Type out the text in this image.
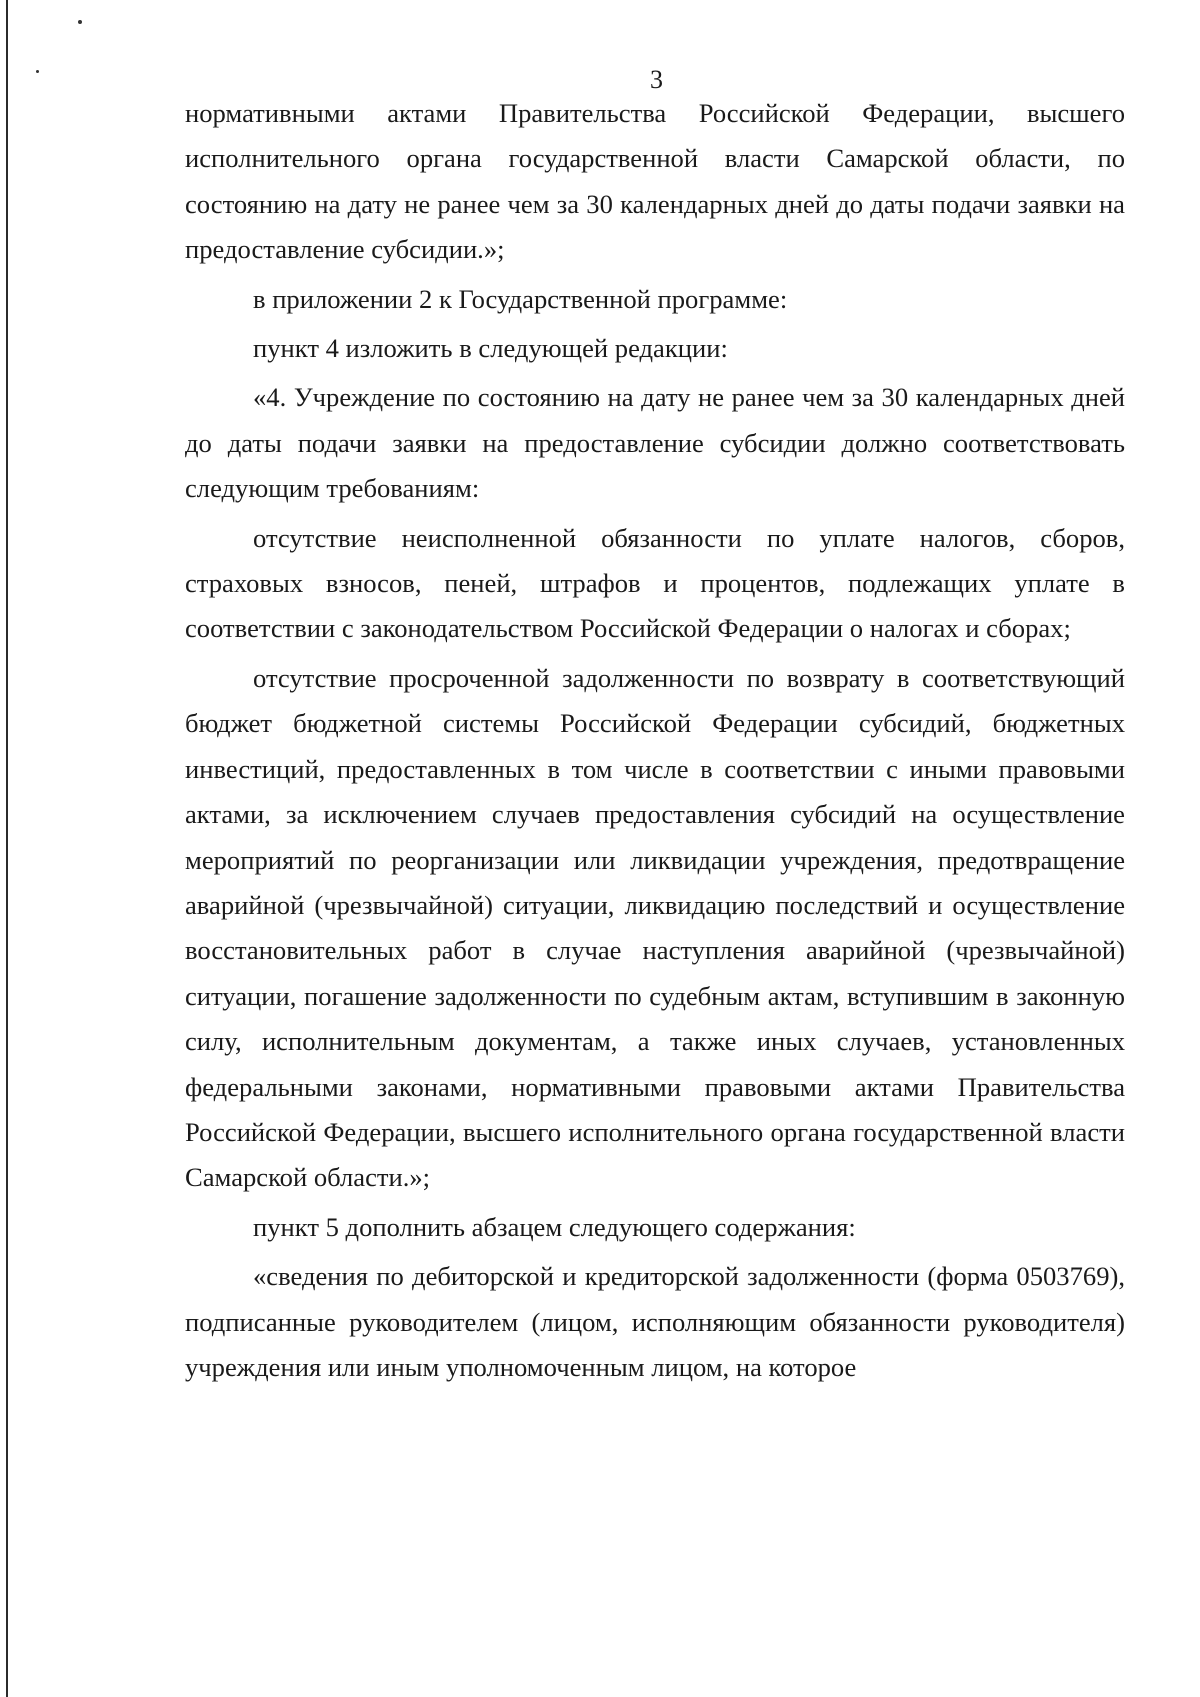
3

нормативными актами Правительства Российской Федерации, высшего исполнительного органа государственной власти Самарской области, по состоянию на дату не ранее чем за 30 календарных дней до даты подачи заявки на предоставление субсидии.»;

в приложении 2 к Государственной программе:

пункт 4 изложить в следующей редакции:

«4. Учреждение по состоянию на дату не ранее чем за 30 календарных дней до даты подачи заявки на предоставление субсидии должно соответствовать следующим требованиям:

отсутствие неисполненной обязанности по уплате налогов, сборов, страховых взносов, пеней, штрафов и процентов, подлежащих уплате в соответствии с законодательством Российской Федерации о налогах и сборах;

отсутствие просроченной задолженности по возврату в соответствующий бюджет бюджетной системы Российской Федерации субсидий, бюджетных инвестиций, предоставленных в том числе в соответствии с иными правовыми актами, за исключением случаев предоставления субсидий на осуществление мероприятий по реорганизации или ликвидации учреждения, предотвращение аварийной (чрезвычайной) ситуации, ликвидацию последствий и осуществление восстановительных работ в случае наступления аварийной (чрезвычайной) ситуации, погашение задолженности по судебным актам, вступившим в законную силу, исполнительным документам, а также иных случаев, установленных федеральными законами, нормативными правовыми актами Правительства Российской Федерации, высшего исполнительного органа государственной власти Самарской области.»;

пункт 5 дополнить абзацем следующего содержания:

«сведения по дебиторской и кредиторской задолженности (форма 0503769), подписанные руководителем (лицом, исполняющим обязанности руководителя) учреждения или иным уполномоченным лицом, на которое
